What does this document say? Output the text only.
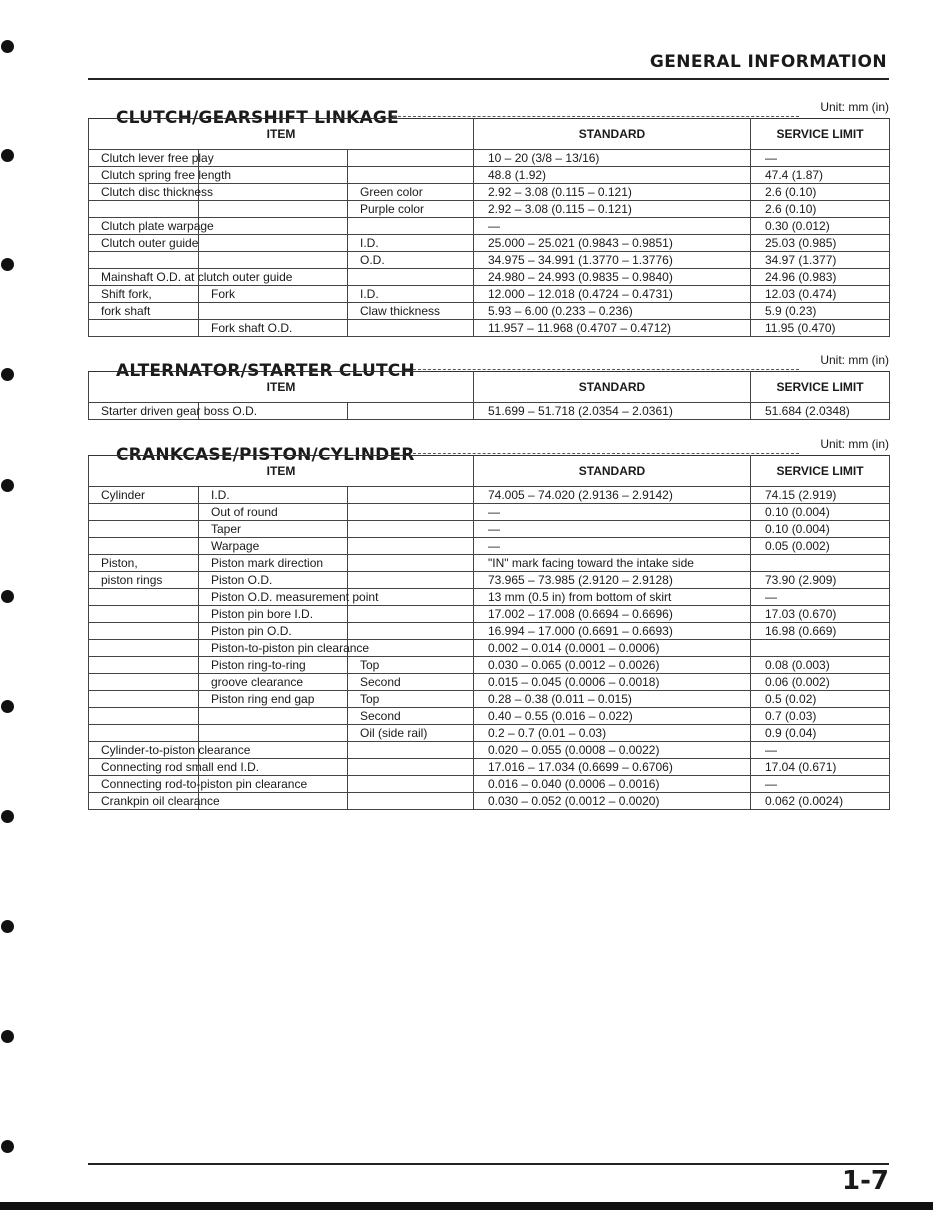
GENERAL INFORMATION
CLUTCH/GEARSHIFT LINKAGE
Unit: mm (in)
ITEM			STANDARD	SERVICE LIMIT
Clutch lever free play			10 – 20 (3/8 – 13/16)	—
Clutch spring free length			48.8 (1.92)	47.4 (1.87)
Clutch disc thickness		Green color	2.92 – 3.08 (0.115 – 0.121)	2.6 (0.10)
		Purple color	2.92 – 3.08 (0.115 – 0.121)	2.6 (0.10)
Clutch plate warpage			—	0.30 (0.012)
Clutch outer guide		I.D.	25.000 – 25.021 (0.9843 – 0.9851)	25.03 (0.985)
		O.D.	34.975 – 34.991 (1.3770 – 1.3776)	34.97 (1.377)
Mainshaft O.D. at clutch outer guide			24.980 – 24.993 (0.9835 – 0.9840)	24.96 (0.983)
Shift fork,	Fork	I.D.	12.000 – 12.018 (0.4724 – 0.4731)	12.03 (0.474)
fork shaft		Claw thickness	5.93 – 6.00 (0.233 – 0.236)	5.9 (0.23)
	Fork shaft O.D.		11.957 – 11.968 (0.4707 – 0.4712)	11.95 (0.470)
ALTERNATOR/STARTER CLUTCH
Unit: mm (in)
ITEM			STANDARD	SERVICE LIMIT
Starter driven gear boss O.D.			51.699 – 51.718 (2.0354 – 2.0361)	51.684 (2.0348)
CRANKCASE/PISTON/CYLINDER
Unit: mm (in)
ITEM			STANDARD	SERVICE LIMIT
Cylinder	I.D.		74.005 – 74.020 (2.9136 – 2.9142)	74.15 (2.919)
	Out of round		—	0.10 (0.004)
	Taper		—	0.10 (0.004)
	Warpage		—	0.05 (0.002)
Piston,	Piston mark direction		"IN" mark facing toward the intake side	
piston rings	Piston O.D.		73.965 – 73.985 (2.9120 – 2.9128)	73.90 (2.909)
	Piston O.D. measurement point		13 mm (0.5 in) from bottom of skirt	—
	Piston pin bore I.D.		17.002 – 17.008 (0.6694 – 0.6696)	17.03 (0.670)
	Piston pin O.D.		16.994 – 17.000 (0.6691 – 0.6693)	16.98 (0.669)
	Piston-to-piston pin clearance		0.002 – 0.014 (0.0001 – 0.0006)	
	Piston ring-to-ring	Top	0.030 – 0.065 (0.0012 – 0.0026)	0.08 (0.003)
	groove clearance	Second	0.015 – 0.045 (0.0006 – 0.0018)	0.06 (0.002)
	Piston ring end gap	Top	0.28 – 0.38 (0.011 – 0.015)	0.5 (0.02)
		Second	0.40 – 0.55 (0.016 – 0.022)	0.7 (0.03)
		Oil (side rail)	0.2 – 0.7 (0.01 – 0.03)	0.9 (0.04)
Cylinder-to-piston clearance			0.020 – 0.055 (0.0008 – 0.0022)	—
Connecting rod small end I.D.			17.016 – 17.034 (0.6699 – 0.6706)	17.04 (0.671)
Connecting rod-to-piston pin clearance			0.016 – 0.040 (0.0006 – 0.0016)	—
Crankpin oil clearance			0.030 – 0.052 (0.0012 – 0.0020)	0.062 (0.0024)
1-7
